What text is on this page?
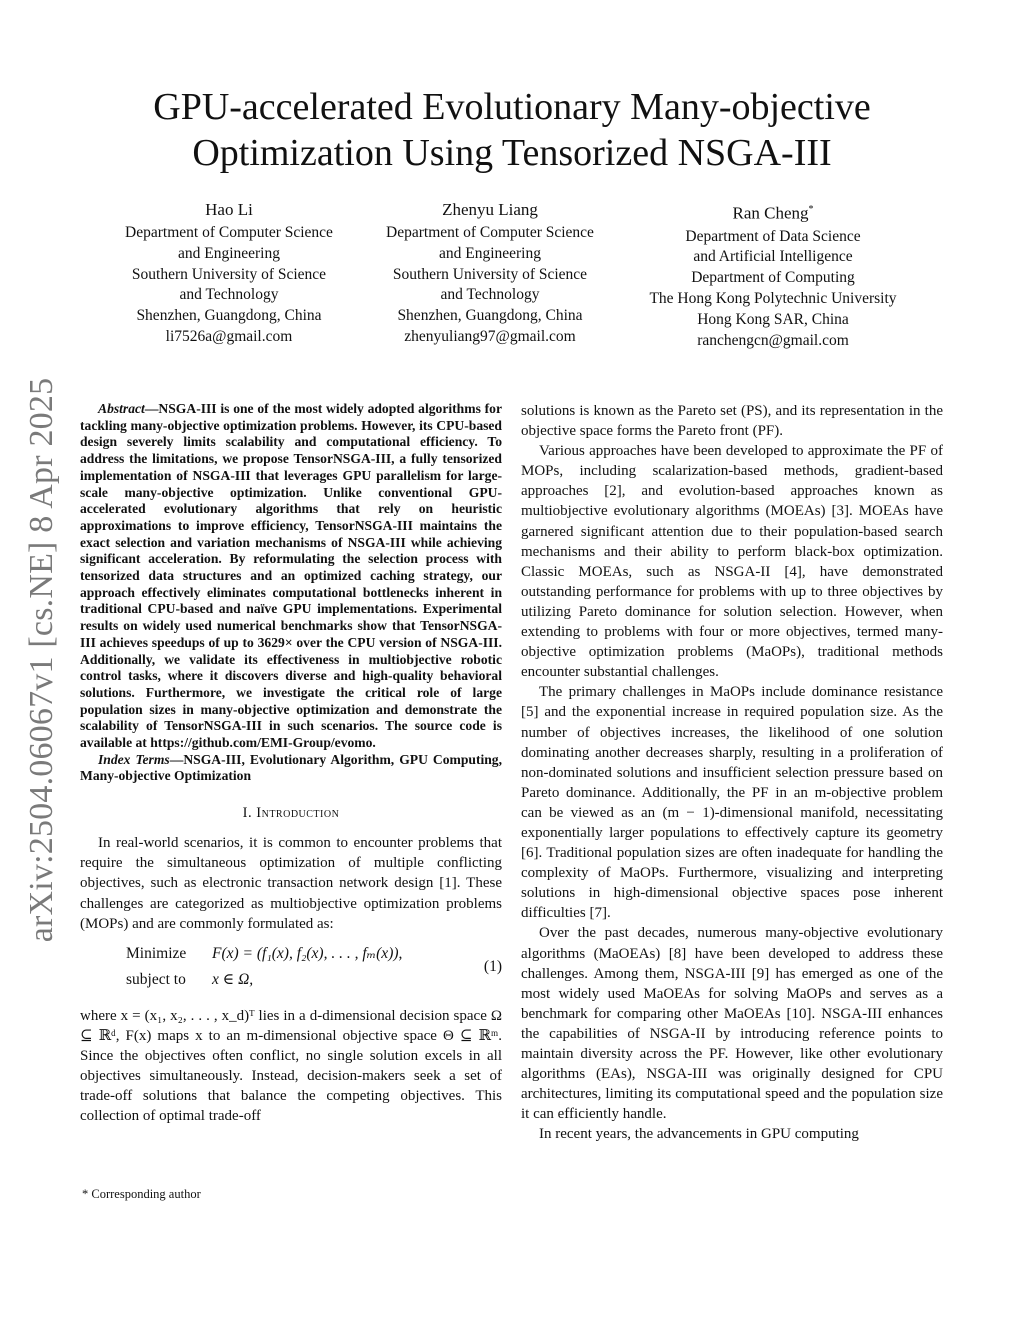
arXiv:2504.06067v1 [cs.NE] 8 Apr 2025
GPU-accelerated Evolutionary Many-objective
Optimization Using Tensorized NSGA-III
Hao Li
Department of Computer Science
and Engineering
Southern University of Science
and Technology
Shenzhen, Guangdong, China
li7526a@gmail.com
Zhenyu Liang
Department of Computer Science
and Engineering
Southern University of Science
and Technology
Shenzhen, Guangdong, China
zhenyuliang97@gmail.com
Ran Cheng*
Department of Data Science
and Artificial Intelligence
Department of Computing
The Hong Kong Polytechnic University
Hong Kong SAR, China
ranchengcn@gmail.com

Abstract—NSGA-III is one of the most widely adopted algorithms for tackling many-objective optimization problems. However, its CPU-based design severely limits scalability and computational efficiency. To address the limitations, we propose TensorNSGA-III, a fully tensorized implementation of NSGA-III that leverages GPU parallelism for large-scale many-objective optimization. Unlike conventional GPU-accelerated evolutionary algorithms that rely on heuristic approximations to improve efficiency, TensorNSGA-III maintains the exact selection and variation mechanisms of NSGA-III while achieving significant acceleration. By reformulating the selection process with tensorized data structures and an optimized caching strategy, our approach effectively eliminates computational bottlenecks inherent in traditional CPU-based and naïve GPU implementations. Experimental results on widely used numerical benchmarks show that TensorNSGA-III achieves speedups of up to 3629× over the CPU version of NSGA-III. Additionally, we validate its effectiveness in multiobjective robotic control tasks, where it discovers diverse and high-quality behavioral solutions. Furthermore, we investigate the critical role of large population sizes in many-objective optimization and demonstrate the scalability of TensorNSGA-III in such scenarios. The source code is available at https://github.com/EMI-Group/evomo.

Index Terms—NSGA-III, Evolutionary Algorithm, GPU Computing, Many-objective Optimization

I. Introduction

In real-world scenarios, it is common to encounter problems that require the simultaneous optimization of multiple conflicting objectives, such as electronic transaction network design [1]. These challenges are categorized as multiobjective optimization problems (MOPs) and are commonly formulated as:

Minimize F(x) = (f₁(x), f₂(x), . . . , fₘ(x)),
subject to x ∈ Ω,
(1)

where x = (x₁, x₂, . . . , x_d)ᵀ lies in a d-dimensional decision space Ω ⊆ ℝᵈ, F(x) maps x to an m-dimensional objective space Θ ⊆ ℝᵐ. Since the objectives often conflict, no single solution excels in all objectives simultaneously. Instead, decision-makers seek a set of trade-off solutions that balance the competing objectives. This collection of optimal trade-off

* Corresponding author

solutions is known as the Pareto set (PS), and its representation in the objective space forms the Pareto front (PF).

Various approaches have been developed to approximate the PF of MOPs, including scalarization-based methods, gradient-based approaches [2], and evolution-based approaches known as multiobjective evolutionary algorithms (MOEAs) [3]. MOEAs have garnered significant attention due to their population-based search mechanisms and their ability to perform black-box optimization. Classic MOEAs, such as NSGA-II [4], have demonstrated outstanding performance for problems with up to three objectives by utilizing Pareto dominance for solution selection. However, when extending to problems with four or more objectives, termed many-objective optimization problems (MaOPs), traditional methods encounter substantial challenges.

The primary challenges in MaOPs include dominance resistance [5] and the exponential increase in required population size. As the number of objectives increases, the likelihood of one solution dominating another decreases sharply, resulting in a proliferation of non-dominated solutions and insufficient selection pressure based on Pareto dominance. Additionally, the PF in an m-objective problem can be viewed as an (m − 1)-dimensional manifold, necessitating exponentially larger populations to effectively capture its geometry [6]. Traditional population sizes are often inadequate for handling the complexity of MaOPs. Furthermore, visualizing and interpreting solutions in high-dimensional objective spaces pose inherent difficulties [7].

Over the past decades, numerous many-objective evolutionary algorithms (MaOEAs) [8] have been developed to address these challenges. Among them, NSGA-III [9] has emerged as one of the most widely used MaOEAs for solving MaOPs and serves as a benchmark for comparing other MaOEAs [10]. NSGA-III enhances the capabilities of NSGA-II by introducing reference points to maintain diversity across the PF. However, like other evolutionary algorithms (EAs), NSGA-III was originally designed for CPU architectures, limiting its computational speed and the population size it can efficiently handle.

In recent years, the advancements in GPU computing
